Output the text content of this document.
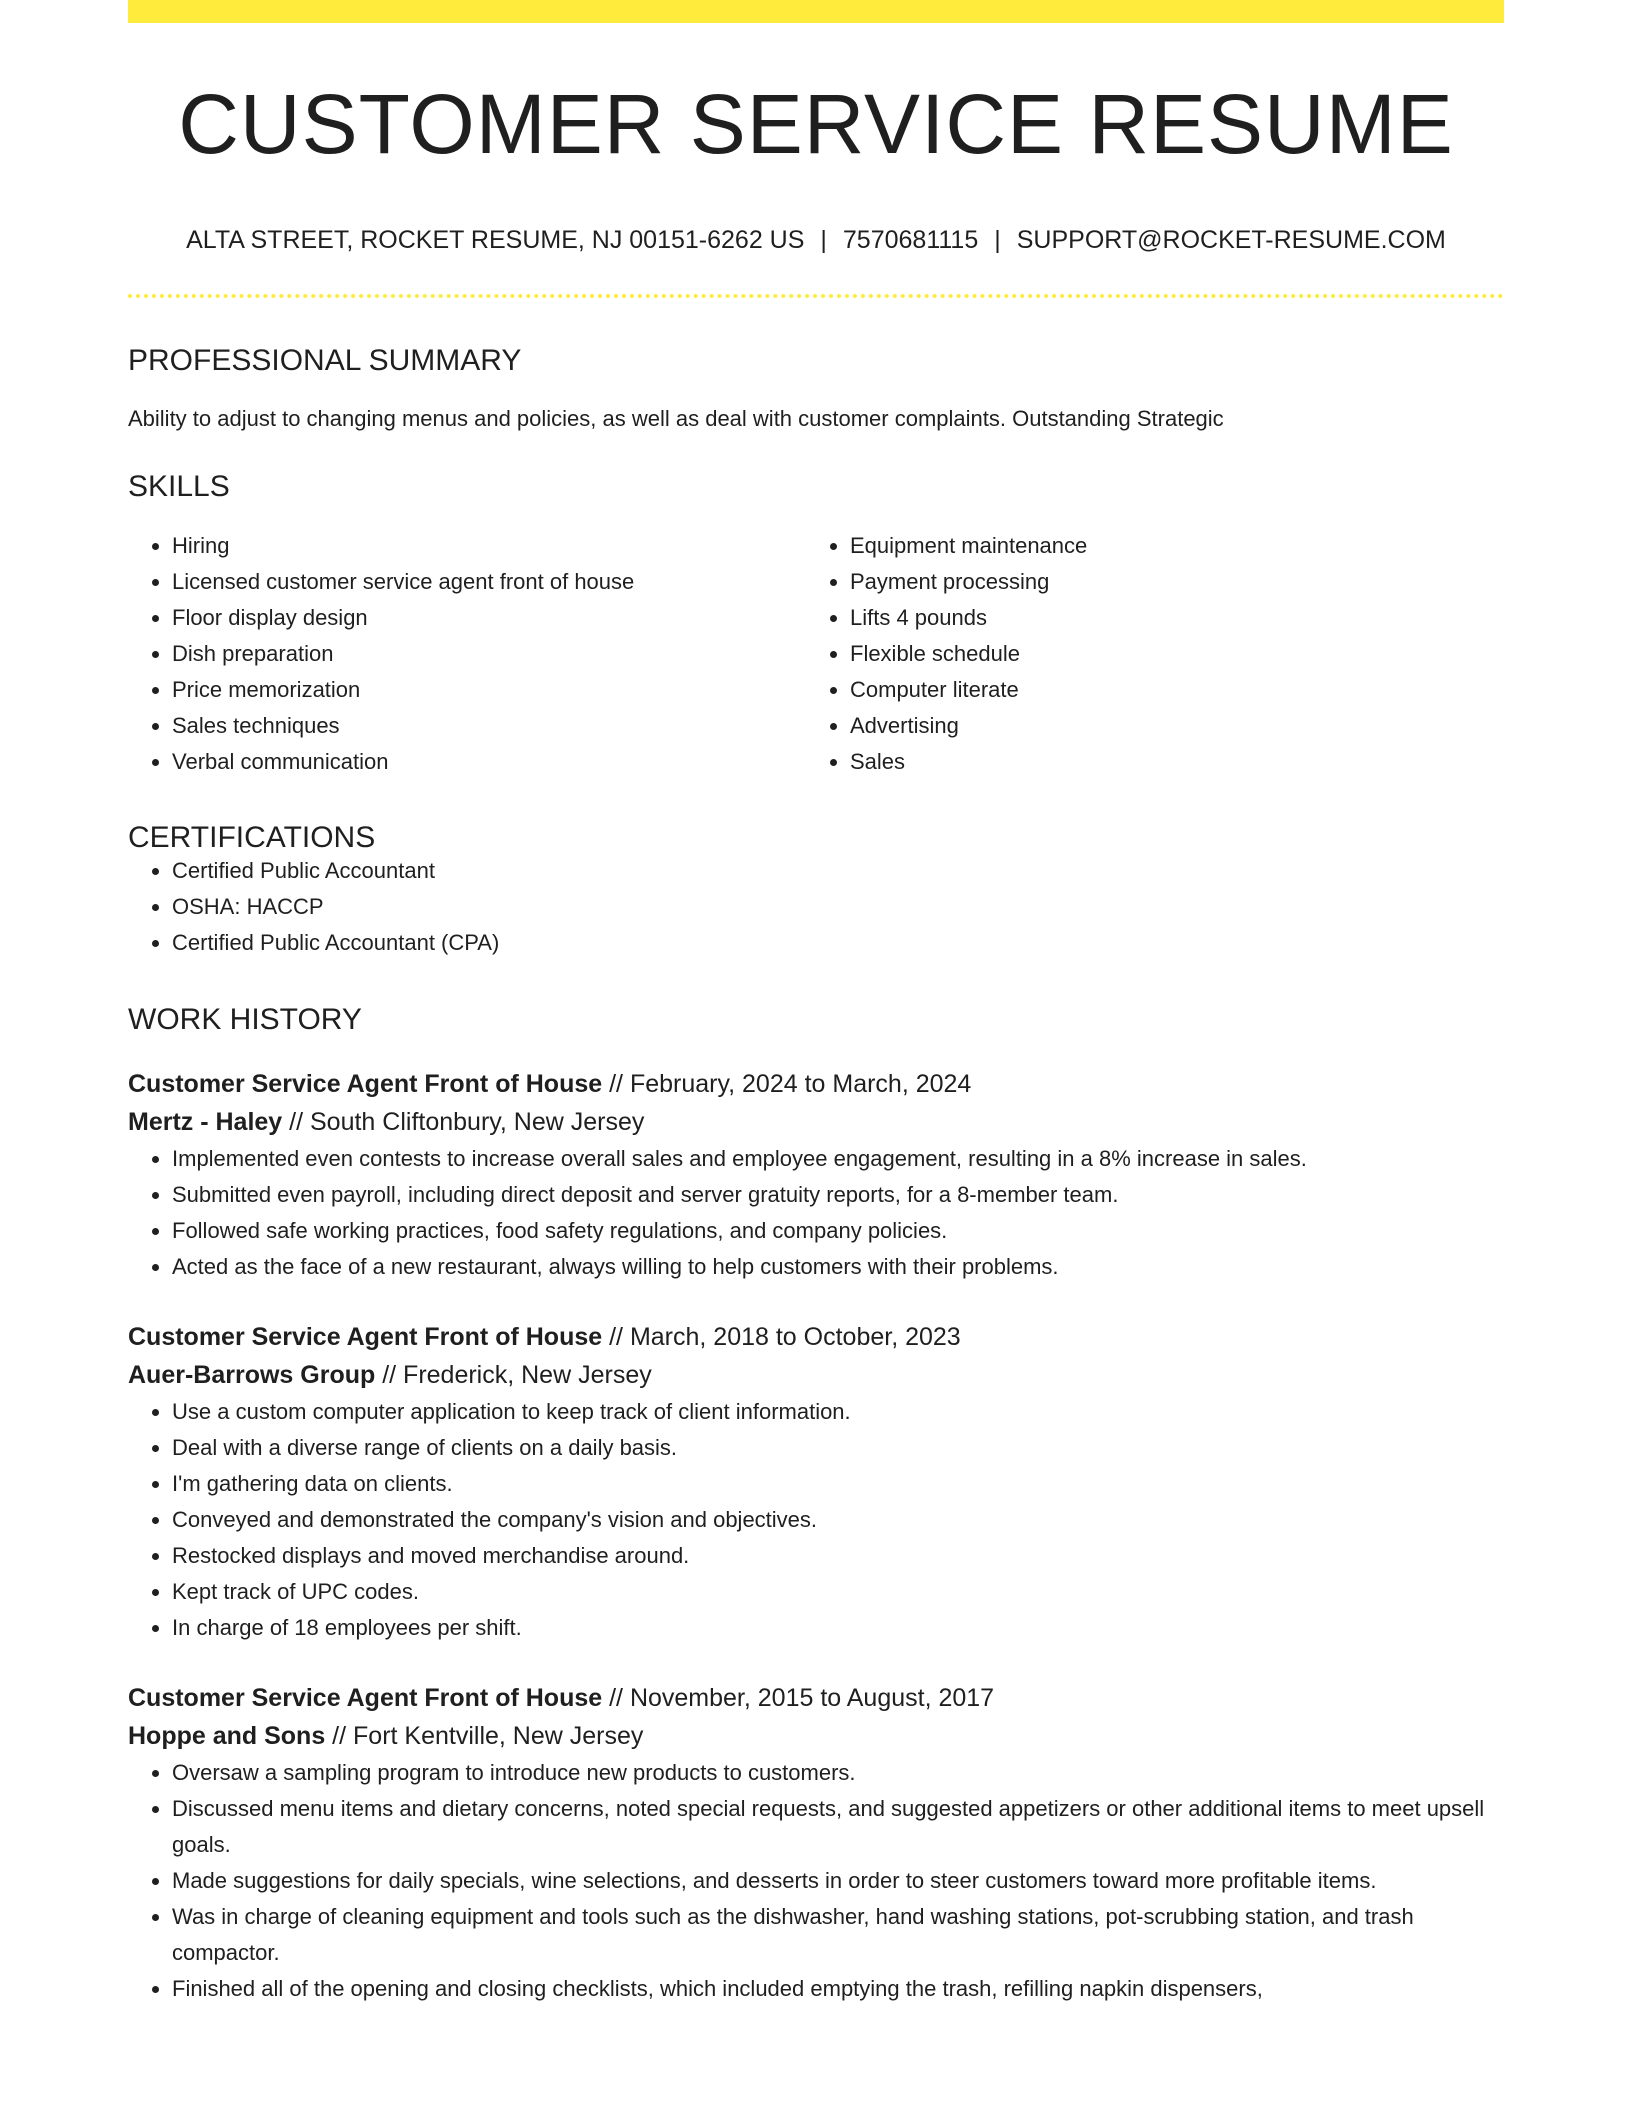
CUSTOMER SERVICE RESUME
ALTA STREET, ROCKET RESUME, NJ 00151-6262 US | 7570681115 | SUPPORT@ROCKET-RESUME.COM
PROFESSIONAL SUMMARY
Ability to adjust to changing menus and policies, as well as deal with customer complaints. Outstanding Strategic
SKILLS
• Hiring
• Licensed customer service agent front of house
• Floor display design
• Dish preparation
• Price memorization
• Sales techniques
• Verbal communication
• Equipment maintenance
• Payment processing
• Lifts 4 pounds
• Flexible schedule
• Computer literate
• Advertising
• Sales
CERTIFICATIONS
• Certified Public Accountant
• OSHA: HACCP
• Certified Public Accountant (CPA)
WORK HISTORY
Customer Service Agent Front of House // February, 2024 to March, 2024
Mertz - Haley // South Cliftonbury, New Jersey
• Implemented even contests to increase overall sales and employee engagement, resulting in a 8% increase in sales.
• Submitted even payroll, including direct deposit and server gratuity reports, for a 8-member team.
• Followed safe working practices, food safety regulations, and company policies.
• Acted as the face of a new restaurant, always willing to help customers with their problems.
Customer Service Agent Front of House // March, 2018 to October, 2023
Auer-Barrows Group // Frederick, New Jersey
• Use a custom computer application to keep track of client information.
• Deal with a diverse range of clients on a daily basis.
• I'm gathering data on clients.
• Conveyed and demonstrated the company's vision and objectives.
• Restocked displays and moved merchandise around.
• Kept track of UPC codes.
• In charge of 18 employees per shift.
Customer Service Agent Front of House // November, 2015 to August, 2017
Hoppe and Sons // Fort Kentville, New Jersey
• Oversaw a sampling program to introduce new products to customers.
• Discussed menu items and dietary concerns, noted special requests, and suggested appetizers or other additional items to meet upsell goals.
• Made suggestions for daily specials, wine selections, and desserts in order to steer customers toward more profitable items.
• Was in charge of cleaning equipment and tools such as the dishwasher, hand washing stations, pot-scrubbing station, and trash compactor.
• Finished all of the opening and closing checklists, which included emptying the trash, refilling napkin dispensers,
